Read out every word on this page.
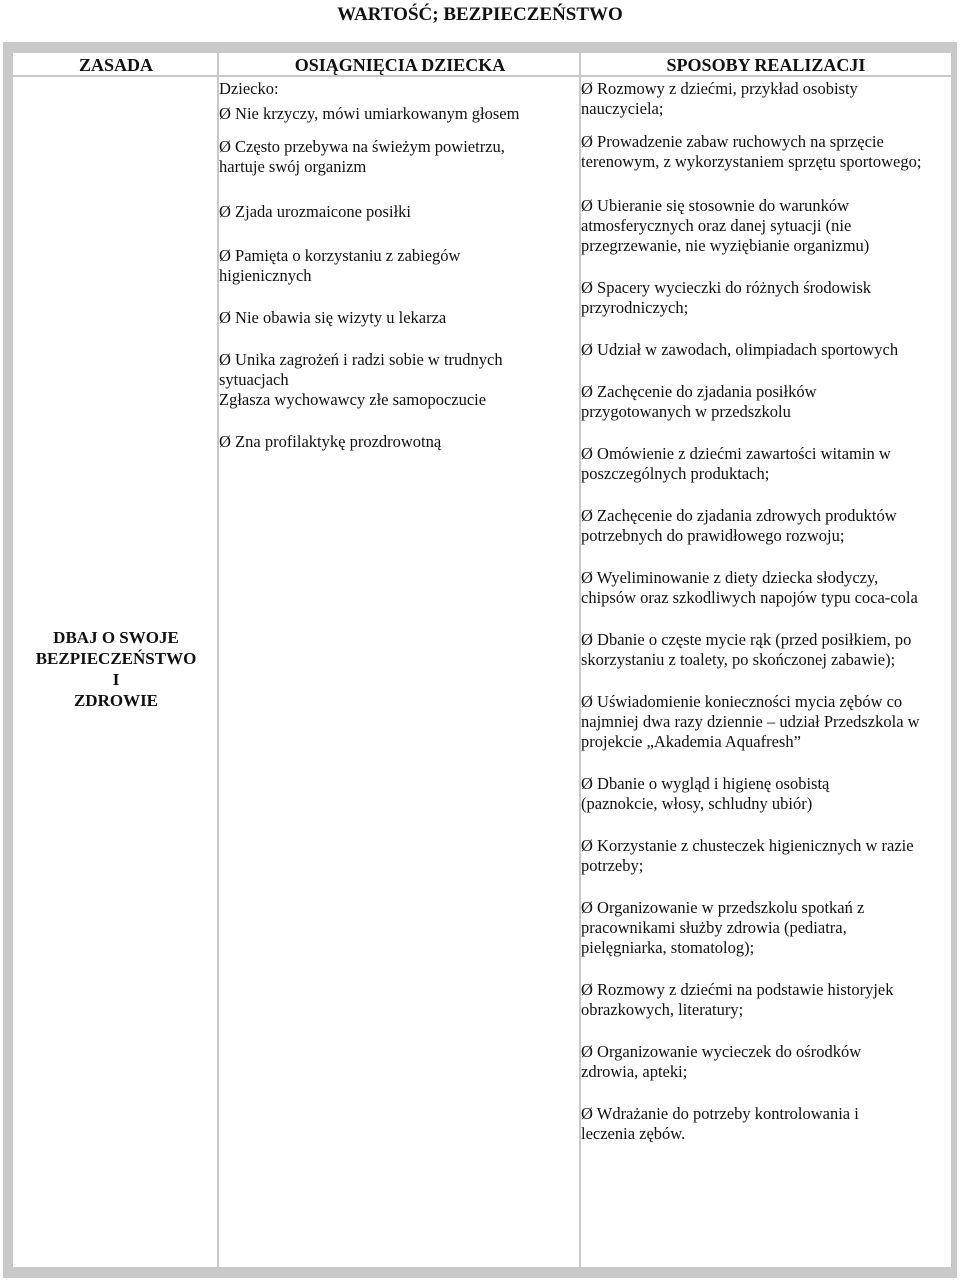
WARTOŚĆ; BEZPIECZEŃSTWO
ZASADA	OSIĄGNIĘCIA DZIECKA	SPOSOBY REALIZACJI
DBAJ O SWOJE
BEZPIECZEŃSTWO
I
ZDROWIE

Dziecko:

Ø Nie krzyczy, mówi umiarkowanym głosem

Ø Często przebywa na świeżym powietrzu, hartuje swój organizm

Ø Zjada urozmaicone posiłki

Ø Pamięta o korzystaniu z zabiegów higienicznych

Ø Nie obawia się wizyty u lekarza

Ø Unika zagrożeń i radzi sobie w trudnych sytuacjach

Zgłasza wychowawcy złe samopoczucie

Ø Zna profilaktykę prozdrowotną

Ø Rozmowy z dziećmi, przykład osobisty nauczyciela;

Ø Prowadzenie zabaw ruchowych na sprzęcie terenowym, z wykorzystaniem sprzętu sportowego;

Ø Ubieranie się stosownie do warunków atmosferycznych oraz danej sytuacji (nie przegrzewanie, nie wyziębianie organizmu)

Ø Spacery wycieczki do różnych środowisk przyrodniczych;

Ø Udział w zawodach, olimpiadach sportowych

Ø Zachęcenie do zjadania posiłków przygotowanych w przedszkolu

Ø Omówienie z dziećmi zawartości witamin w poszczególnych produktach;

Ø Zachęcenie do zjadania zdrowych produktów potrzebnych do prawidłowego rozwoju;

Ø Wyeliminowanie z diety dziecka słodyczy, chipsów oraz szkodliwych napojów typu coca-cola

Ø Dbanie o częste mycie rąk (przed posiłkiem, po skorzystaniu z toalety, po skończonej zabawie);

Ø Uświadomienie konieczności mycia zębów co najmniej dwa razy dziennie – udział Przedszkola w projekcie „Akademia Aquafresh”

Ø Dbanie o wygląd i higienę osobistą (paznokcie, włosy, schludny ubiór)

Ø Korzystanie z chusteczek higienicznych w razie potrzeby;

Ø Organizowanie w przedszkolu spotkań z pracownikami służby zdrowia (pediatra, pielęgniarka, stomatolog);

Ø Rozmowy z dziećmi na podstawie historyjek obrazkowych, literatury;

Ø Organizowanie wycieczek do ośrodków zdrowia, apteki;

Ø Wdrażanie do potrzeby kontrolowania i leczenia zębów.
